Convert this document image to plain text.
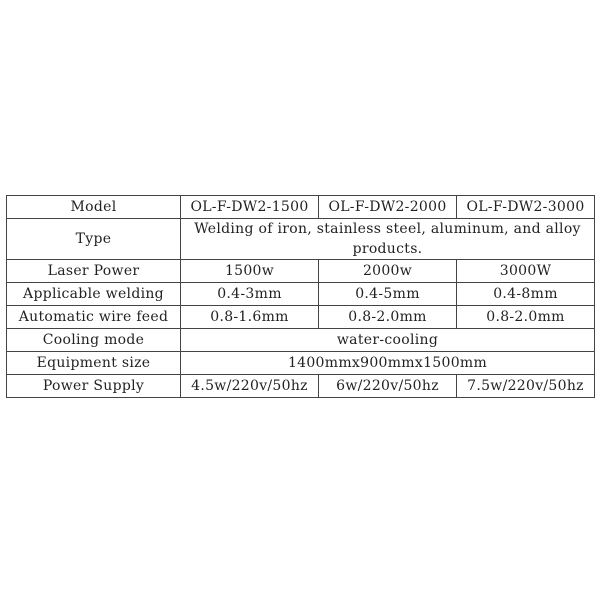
Model	OL-F-DW2-1500	OL-F-DW2-2000	OL-F-DW2-3000
Type	Welding of iron, stainless steel, aluminum, and alloy products.		
Laser Power	1500w	2000w	3000W
Applicable welding	0.4-3mm	0.4-5mm	0.4-8mm
Automatic wire feed	0.8-1.6mm	0.8-2.0mm	0.8-2.0mm
Cooling mode	water-cooling		
Equipment size	1400mmx900mmx1500mm		
Power Supply	4.5w/220v/50hz	6w/220v/50hz	7.5w/220v/50hz
